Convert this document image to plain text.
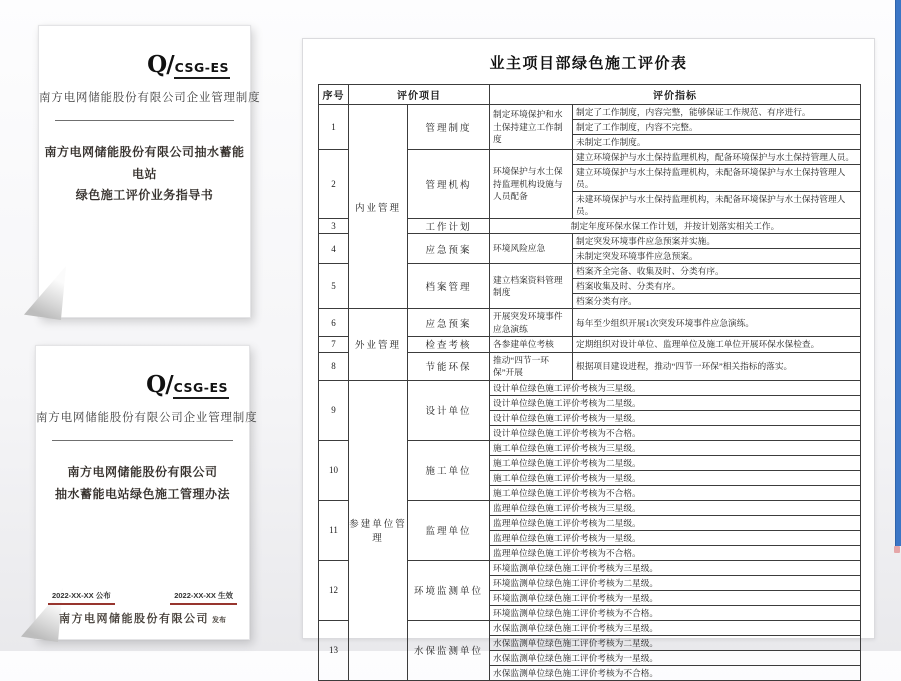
Q/CSG-ES
南方电网储能股份有限公司企业管理制度
南方电网储能股份有限公司抽水蓄能电站
绿色施工评价业务指导书
Q/CSG-ES
南方电网储能股份有限公司企业管理制度
南方电网储能股份有限公司
抽水蓄能电站绿色施工管理办法
2022-XX-XX 公布	2022-XX-XX 生效
南方电网储能股份有限公司 发布
业主项目部绿色施工评价表
序号	评价项目		评价指标	
1	内业管理	管理制度	制定环境保护和水土保持建立工作制度	制定了工作制度，内容完整，能够保证工作规范、有序进行。
				制定了工作制度，内容不完整。
				未制定工作制度。
2		管理机构	环境保护与水土保持监理机构设施与人员配备	建立环境保护与水土保持监理机构，配备环境保护与水土保持管理人员。
				建立环境保护与水土保持监理机构，未配备环境保护与水土保持管理人员。
				未建环境保护与水土保持监理机构，未配备环境保护与水土保持管理人员。
3		工作计划	制定年度环保水保工作计划，并按计划落实相关工作。	
4		应急预案	环境风险应急	制定突发环境事件应急预案并实施。
				未制定突发环境事件应急预案。
5		档案管理	建立档案资料管理制度	档案齐全完备、收集及时、分类有序。
				档案收集及时、分类有序。
				档案分类有序。
6	外业管理	应急预案	开展突发环境事件应急演练	每年至少组织开展1次突发环境事件应急演练。
7		检查考核	各参建单位考核	定期组织对设计单位、监理单位及施工单位开展环保水保检查。
8		节能环保	推动“四节一环保”开展	根据项目建设进程，推动“四节一环保”相关指标的落实。
9	参建单位管理	设计单位	设计单位绿色施工评价考核为三星级。	
			设计单位绿色施工评价考核为二星级。	
			设计单位绿色施工评价考核为一星级。	
			设计单位绿色施工评价考核为不合格。	
10		施工单位	施工单位绿色施工评价考核为三星级。	
			施工单位绿色施工评价考核为二星级。	
			施工单位绿色施工评价考核为一星级。	
			施工单位绿色施工评价考核为不合格。	
11		监理单位	监理单位绿色施工评价考核为三星级。	
			监理单位绿色施工评价考核为二星级。	
			监理单位绿色施工评价考核为一星级。	
			监理单位绿色施工评价考核为不合格。	
12		环境监测单位	环境监测单位绿色施工评价考核为三星级。	
			环境监测单位绿色施工评价考核为二星级。	
			环境监测单位绿色施工评价考核为一星级。	
			环境监测单位绿色施工评价考核为不合格。	
13		水保监测单位	水保监测单位绿色施工评价考核为三星级。	
			水保监测单位绿色施工评价考核为二星级。	
			水保监测单位绿色施工评价考核为一星级。	
			水保监测单位绿色施工评价考核为不合格。	
